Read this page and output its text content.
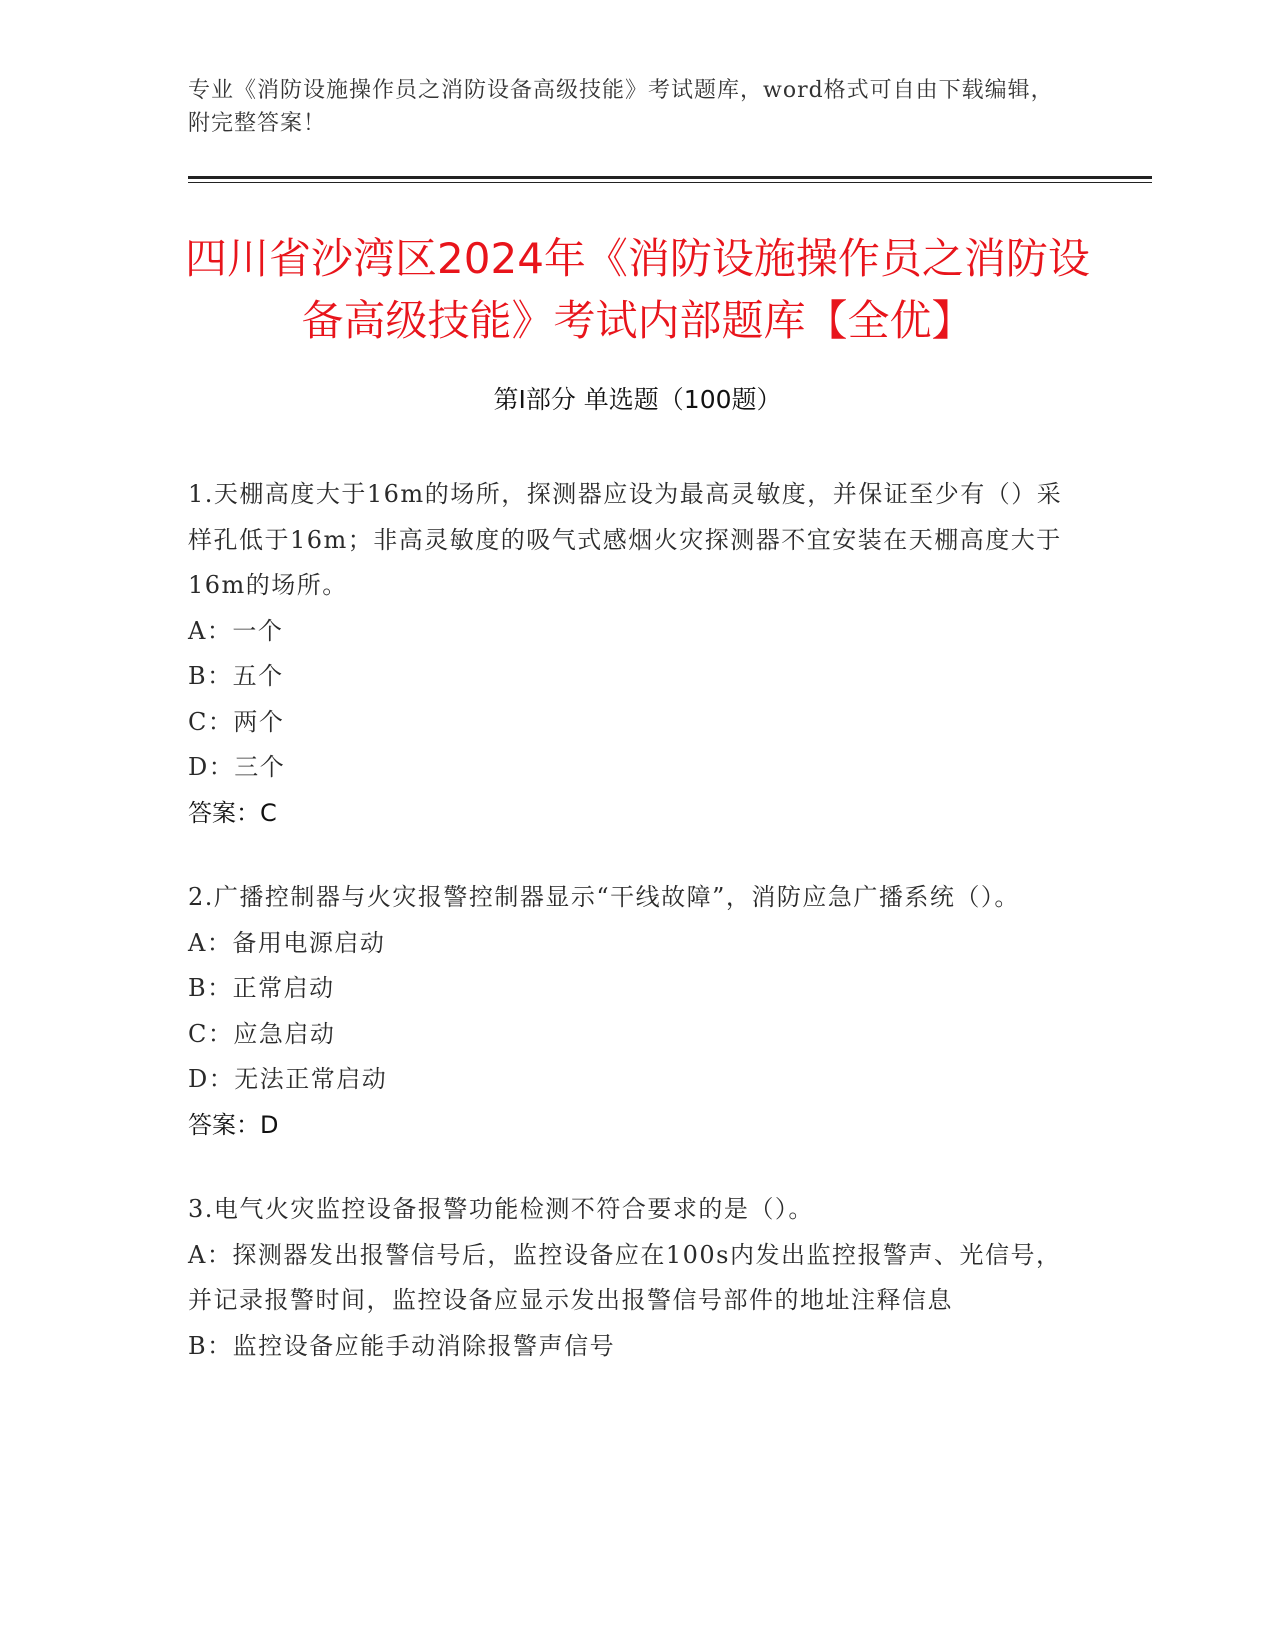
专业《消防设施操作员之消防设备高级技能》考试题库，word格式可自由下载编辑，附完整答案！
四川省沙湾区2024年《消防设施操作员之消防设备高级技能》考试内部题库【全优】
第I部分 单选题（100题）
1.天棚高度大于16m的场所，探测器应设为最高灵敏度，并保证至少有（）采样孔低于16m；非高灵敏度的吸气式感烟火灾探测器不宜安装在天棚高度大于16m的场所。
A：一个
B：五个
C：两个
D：三个
答案：C
2.广播控制器与火灾报警控制器显示“干线故障”，消防应急广播系统（）。
A：备用电源启动
B：正常启动
C：应急启动
D：无法正常启动
答案：D
3.电气火灾监控设备报警功能检测不符合要求的是（）。
A：探测器发出报警信号后，监控设备应在100s内发出监控报警声、光信号，并记录报警时间，监控设备应显示发出报警信号部件的地址注释信息
B：监控设备应能手动消除报警声信号
